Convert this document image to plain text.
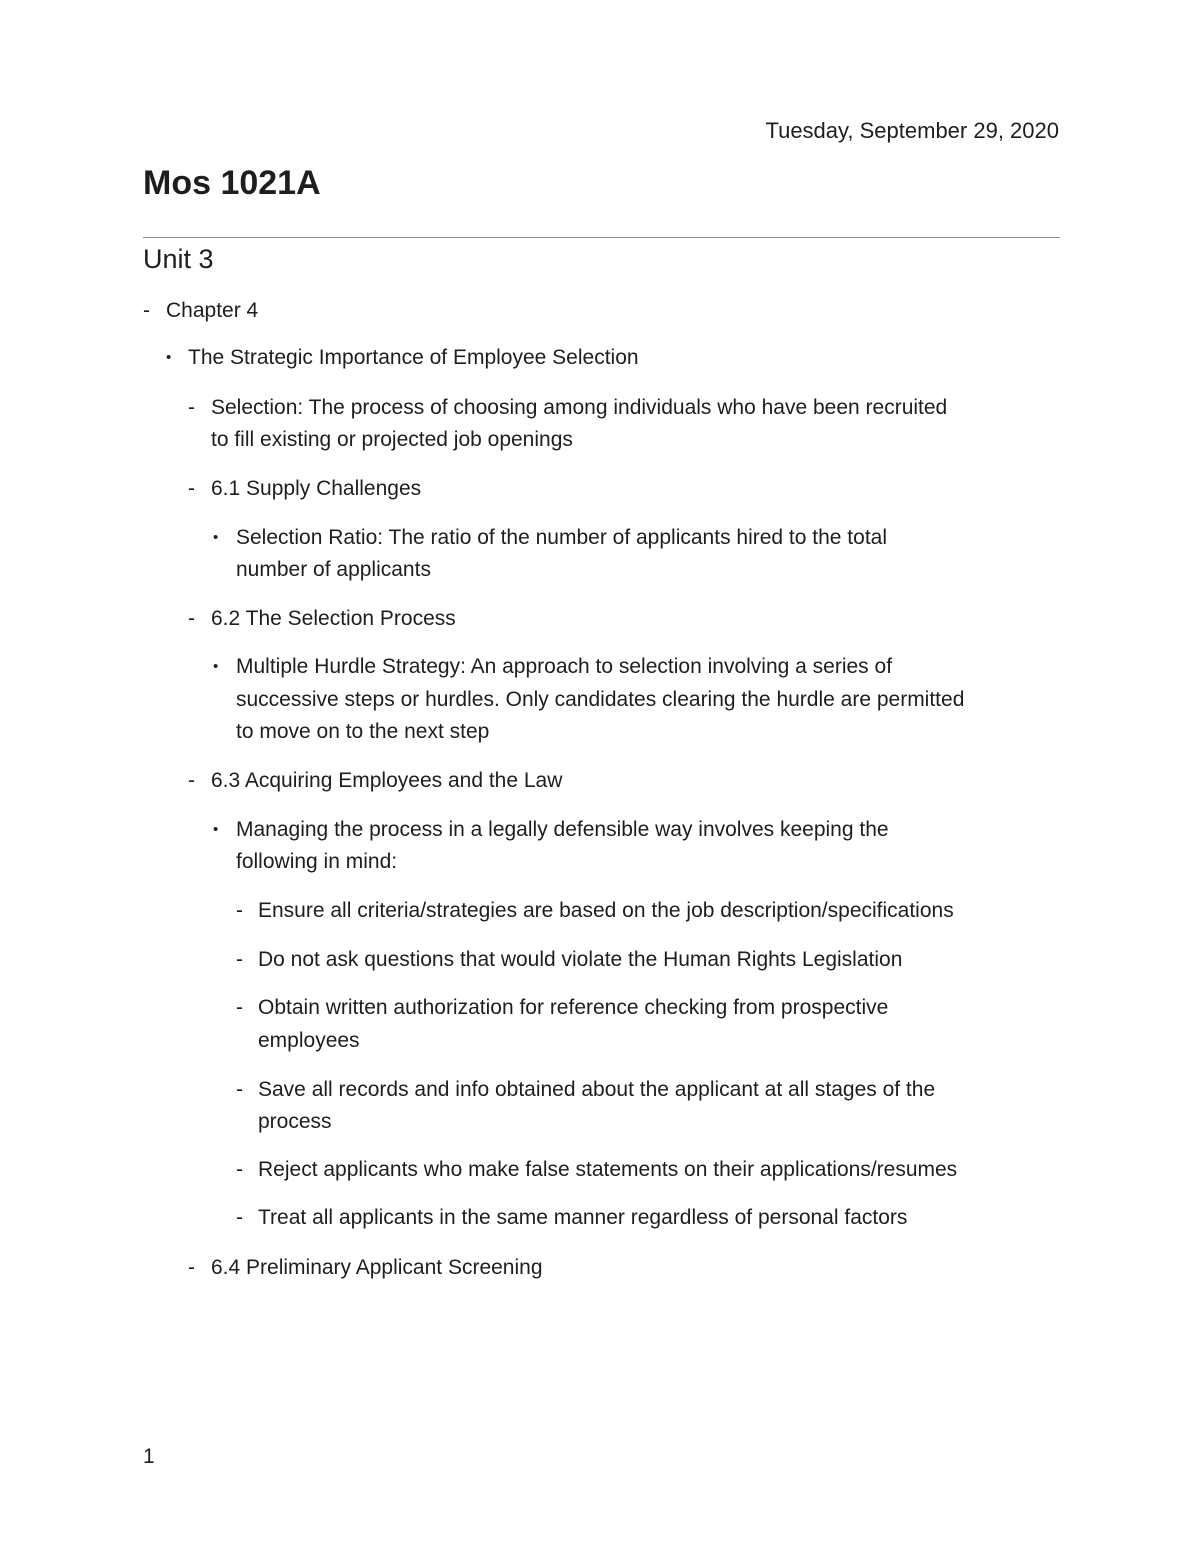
Tuesday, September 29, 2020
Mos 1021A
Unit 3
- Chapter 4
• The Strategic Importance of Employee Selection
- Selection: The process of choosing among individuals who have been recruited
to fill existing or projected job openings
- 6.1 Supply Challenges
• Selection Ratio: The ratio of the number of applicants hired to the total
number of applicants
- 6.2 The Selection Process
• Multiple Hurdle Strategy: An approach to selection involving a series of
successive steps or hurdles. Only candidates clearing the hurdle are permitted
to move on to the next step
- 6.3 Acquiring Employees and the Law
• Managing the process in a legally defensible way involves keeping the
following in mind:
- Ensure all criteria/strategies are based on the job description/specifications
- Do not ask questions that would violate the Human Rights Legislation
- Obtain written authorization for reference checking from prospective
employees
- Save all records and info obtained about the applicant at all stages of the
process
- Reject applicants who make false statements on their applications/resumes
- Treat all applicants in the same manner regardless of personal factors
- 6.4 Preliminary Applicant Screening
1
